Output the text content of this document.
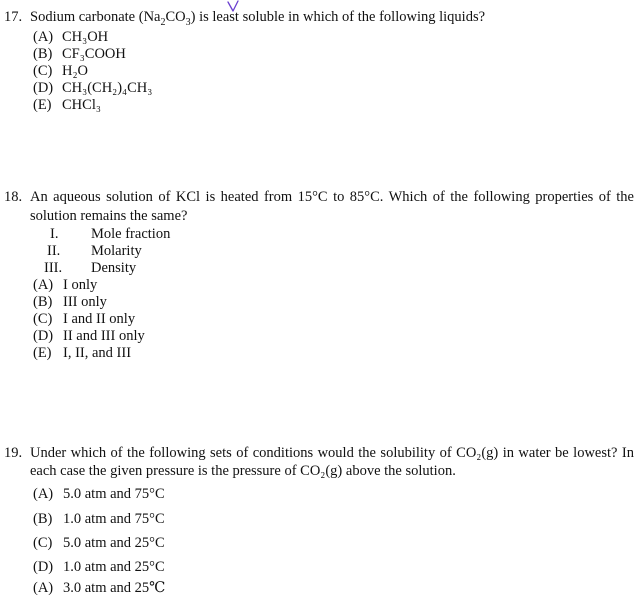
17. Sodium carbonate $(Na_2CO_3)$ is least soluble in which of the following liquids?
(A) CH₃OH
(B) CF₃COOH
(C) H₂O
(D) CH₃(CH₂)₄CH₃
(E) CHCl₃
18. An aqueous solution of KCl is heated from 15°C to 85°C. Which of the following properties of the
solution remains the same?
I. Mole fraction
II. Molarity
III. Density
(A) I only
(B) III only
(C) I and II only
(D) II and III only
(E) I, II, and III
19. Under which of the following sets of conditions would the solubility of CO₂(g) in water be lowest? In
each case the given pressure is the pressure of CO₂(g) above the solution.
(A) 5.0 atm and 75°C
(B) 1.0 atm and 75°C
(C) 5.0 atm and 25°C
(D) 1.0 atm and 25°C
(A) 3.0 atm and 25℃
